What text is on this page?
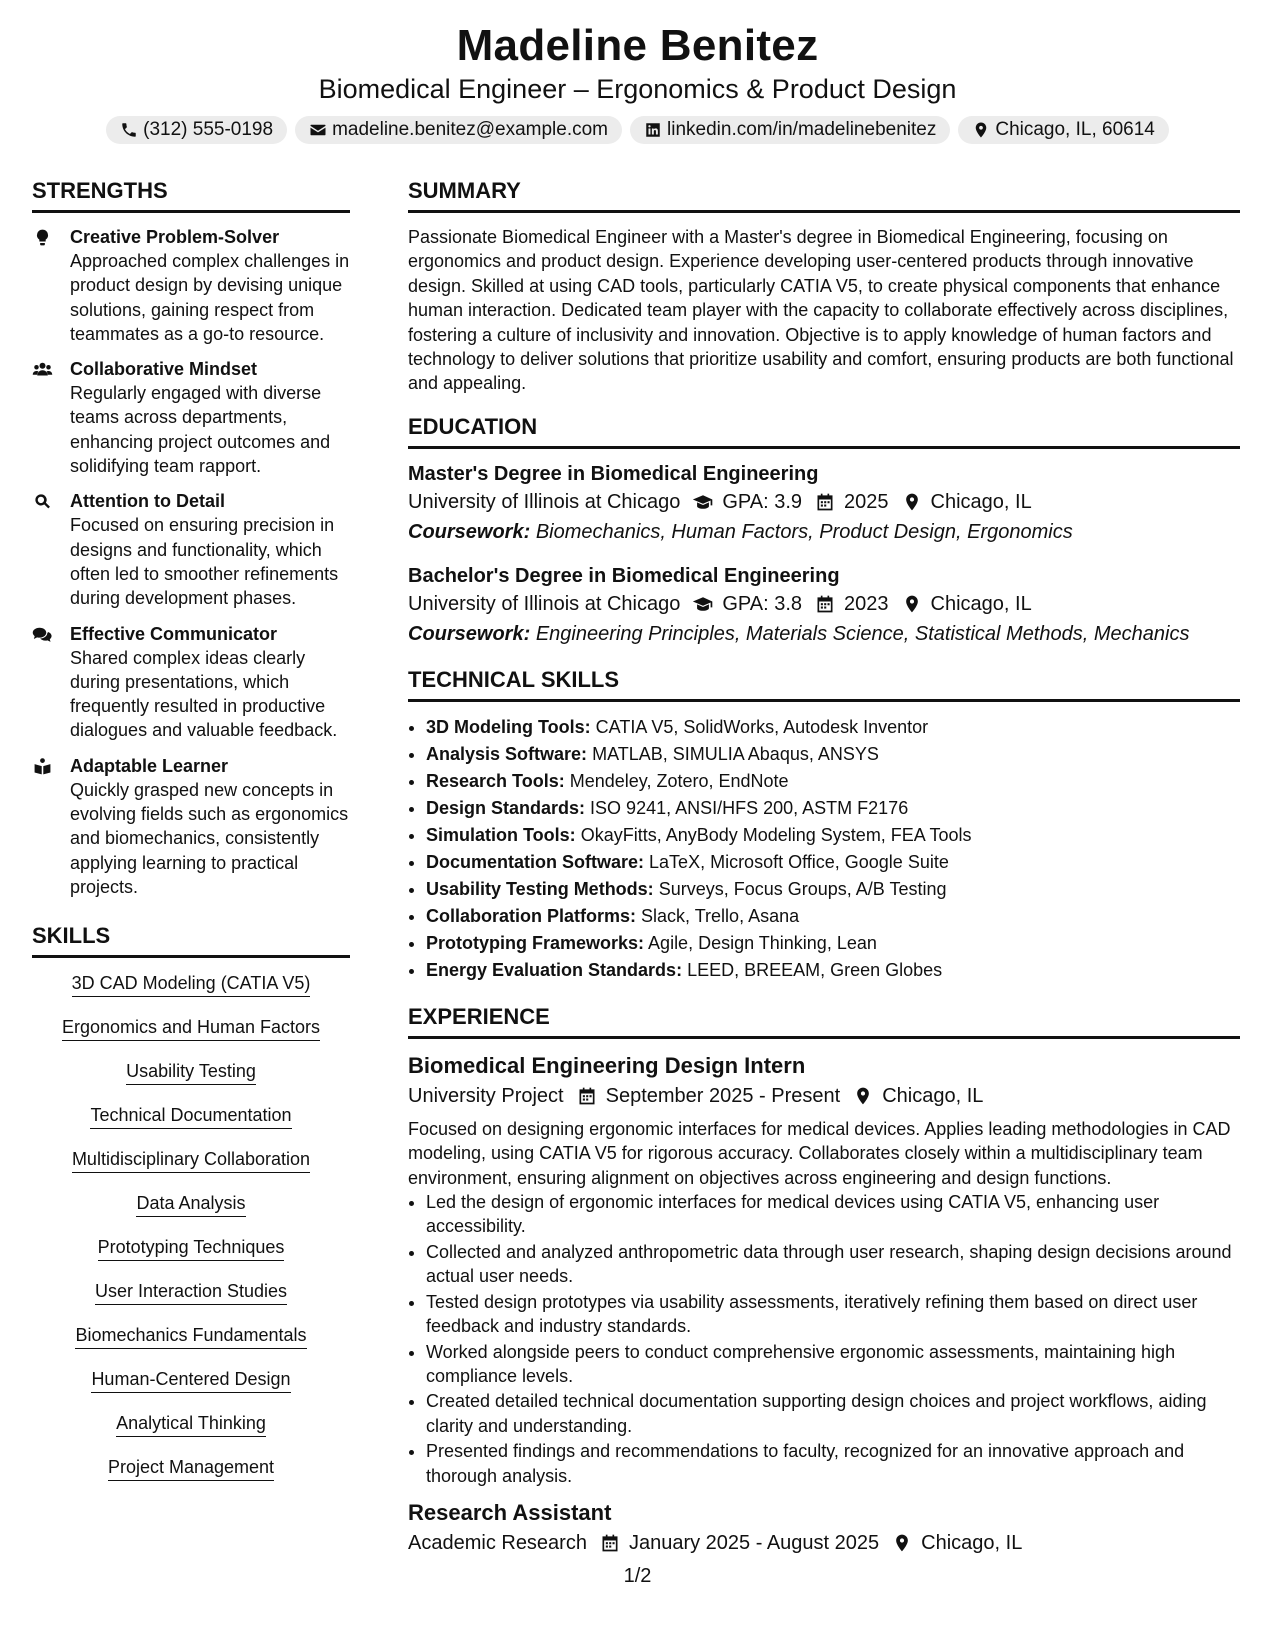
Madeline Benitez
Biomedical Engineer – Ergonomics & Product Design
(312) 555-0198	madeline.benitez@example.com	linkedin.com/in/madelinebenitez	Chicago, IL, 60614
STRENGTHS
Creative Problem-Solver
Approached complex challenges in product design by devising unique solutions, gaining respect from teammates as a go-to resource.
Collaborative Mindset
Regularly engaged with diverse teams across departments, enhancing project outcomes and solidifying team rapport.
Attention to Detail
Focused on ensuring precision in designs and functionality, which often led to smoother refinements during development phases.
Effective Communicator
Shared complex ideas clearly during presentations, which frequently resulted in productive dialogues and valuable feedback.
Adaptable Learner
Quickly grasped new concepts in evolving fields such as ergonomics and biomechanics, consistently applying learning to practical projects.
SKILLS
3D CAD Modeling (CATIA V5)
Ergonomics and Human Factors
Usability Testing
Technical Documentation
Multidisciplinary Collaboration
Data Analysis
Prototyping Techniques
User Interaction Studies
Biomechanics Fundamentals
Human-Centered Design
Analytical Thinking
Project Management
SUMMARY
Passionate Biomedical Engineer with a Master's degree in Biomedical Engineering, focusing on ergonomics and product design. Experience developing user-centered products through innovative design. Skilled at using CAD tools, particularly CATIA V5, to create physical components that enhance human interaction. Dedicated team player with the capacity to collaborate effectively across disciplines, fostering a culture of inclusivity and innovation. Objective is to apply knowledge of human factors and technology to deliver solutions that prioritize usability and comfort, ensuring products are both functional and appealing.
EDUCATION
Master's Degree in Biomedical Engineering
University of Illinois at Chicago GPA: 3.9 2025 Chicago, IL
Coursework: Biomechanics, Human Factors, Product Design, Ergonomics
Bachelor's Degree in Biomedical Engineering
University of Illinois at Chicago GPA: 3.8 2023 Chicago, IL
Coursework: Engineering Principles, Materials Science, Statistical Methods, Mechanics
TECHNICAL SKILLS
• 3D Modeling Tools: CATIA V5, SolidWorks, Autodesk Inventor
• Analysis Software: MATLAB, SIMULIA Abaqus, ANSYS
• Research Tools: Mendeley, Zotero, EndNote
• Design Standards: ISO 9241, ANSI/HFS 200, ASTM F2176
• Simulation Tools: OkayFitts, AnyBody Modeling System, FEA Tools
• Documentation Software: LaTeX, Microsoft Office, Google Suite
• Usability Testing Methods: Surveys, Focus Groups, A/B Testing
• Collaboration Platforms: Slack, Trello, Asana
• Prototyping Frameworks: Agile, Design Thinking, Lean
• Energy Evaluation Standards: LEED, BREEAM, Green Globes
EXPERIENCE
Biomedical Engineering Design Intern
University Project September 2025 - Present Chicago, IL
Focused on designing ergonomic interfaces for medical devices. Applies leading methodologies in CAD modeling, using CATIA V5 for rigorous accuracy. Collaborates closely within a multidisciplinary team environment, ensuring alignment on objectives across engineering and design functions.
• Led the design of ergonomic interfaces for medical devices using CATIA V5, enhancing user accessibility.
• Collected and analyzed anthropometric data through user research, shaping design decisions around actual user needs.
• Tested design prototypes via usability assessments, iteratively refining them based on direct user feedback and industry standards.
• Worked alongside peers to conduct comprehensive ergonomic assessments, maintaining high compliance levels.
• Created detailed technical documentation supporting design choices and project workflows, aiding clarity and understanding.
• Presented findings and recommendations to faculty, recognized for an innovative approach and thorough analysis.
Research Assistant
Academic Research January 2025 - August 2025 Chicago, IL
1/2
